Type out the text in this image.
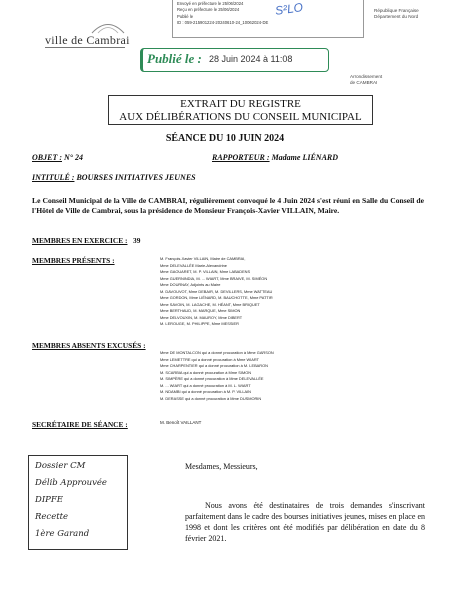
Envoyé en préfecture le 25/06/2024
Reçu en préfecture le 25/06/2024
Publié le
ID : 059-215901224-20240610-24_10062024-DE
S²LO	République Française
Département du Nord
ville de Cambrai
Publié le : 28 Juin 2024 à 11:08
Arrondissement
de CAMBRAI
EXTRAIT DU REGISTRE
AUX DÉLIBÉRATIONS DU CONSEIL MUNICIPAL
SÉANCE DU 10 JUIN 2024
OBJET : N° 24	RAPPORTEUR : Madame LIÉNARD
INTITULÉ : BOURSES INITIATIVES JEUNES
Le Conseil Municipal de la Ville de CAMBRAI, régulièrement convoqué le 4 Juin 2024 s'est réuni en Salle du Conseil de l'Hôtel de Ville de Cambrai, sous la présidence de Monsieur François-Xavier VILLAIN, Maire.
MEMBRES EN EXERCICE : 39
MEMBRES PRÉSENTS :	M. François-Xavier VILLAIN, Maire de CAMBRAI,
Mme DELEVALLÉE Marie-Alexandrine
Mme GAOUARET, M. P. VILLAIN, Mme LABADENS
Mme GUERNINDIA, M. ... WIART, Mme BRAIVE, M. SIMÉON
Mme DOURNAY, Adjoints au Maire
M. DAVOUVOT, Mme DEBAIR, M. DEVILLERS, Mme WATTEAU
Mme GORDON, Mme LIÉNARD, M. BAUCHOTTE, Mme PATTIR
Mme SAVOIN, M. LAGACHE, M. HÉANT, Mme BRIQUET
Mme BERTHAUD, M. MARQUE, Mme SIMON
Mme DELVOUXIN, M. MAUROY, Mme DIBERT
M. LEROUGE, M. PHILIPPE, Mme MESSIER
MEMBRES ABSENTS EXCUSÉS :
Mme DE MONTALCON qui a donné procuration à Mme GARSON
Mme LEMETTRE qui a donné procuration à Mme WIART
Mme CHARPENTIER qui a donné procuration à M. LEBARON
M. SCARBIA qui a donné procuration à Mme SIMON
M. SIMPÈRE qui a donné procuration à Mme DELEVALLÉE
M. ... WIART qui a donné procuration à M. L. WIART
M. NDAMBI qui a donné procuration à M. P. VILLAIN
M. DERASSE qui a donné procuration à Mme DUSMORIN
SECRÉTAIRE DE SÉANCE :	M. Benoît VAILLANT
Dossier CM
Délib Approuvée
DIPFE
Recette
1ère Garand
Mesdames, Messieurs,
Nous avons été destinataires de trois demandes s'inscrivant parfaitement dans le cadre des bourses initiatives jeunes, mises en place en 1998 et dont les critères ont été modifiés par délibération en date du 8 février 2021.
